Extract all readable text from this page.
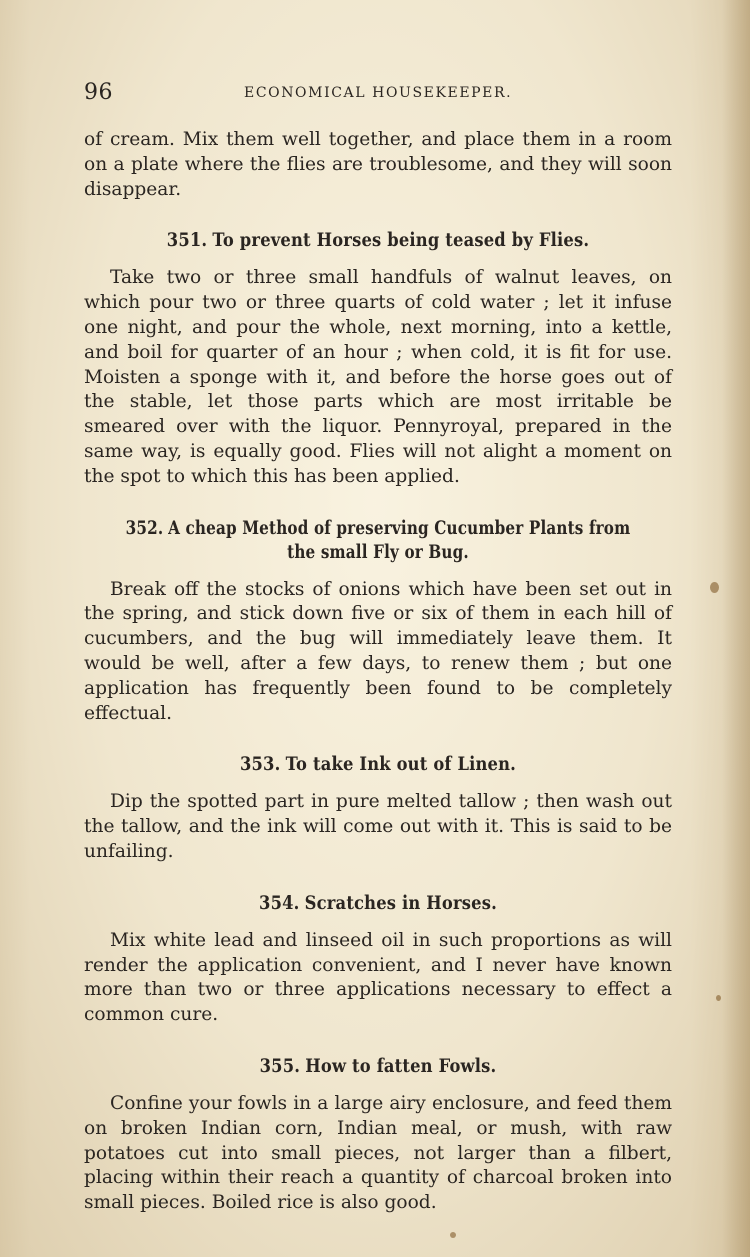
96	ECONOMICAL HOUSEKEEPER.

of cream. Mix them well together, and place them in a room on a plate where the flies are troublesome, and they will soon disappear.

351. To prevent Horses being teased by Flies.

Take two or three small handfuls of walnut leaves, on which pour two or three quarts of cold water ; let it infuse one night, and pour the whole, next morning, into a kettle, and boil for quarter of an hour ; when cold, it is fit for use. Moisten a sponge with it, and before the horse goes out of the stable, let those parts which are most irritable be smeared over with the liquor. Pennyroyal, prepared in the same way, is equally good. Flies will not alight a moment on the spot to which this has been applied.

352. A cheap Method of preserving Cucumber Plants from the small Fly or Bug.

Break off the stocks of onions which have been set out in the spring, and stick down five or six of them in each hill of cucumbers, and the bug will immediately leave them. It would be well, after a few days, to renew them ; but one application has frequently been found to be completely effectual.

353. To take Ink out of Linen.

Dip the spotted part in pure melted tallow ; then wash out the tallow, and the ink will come out with it. This is said to be unfailing.

354. Scratches in Horses.

Mix white lead and linseed oil in such proportions as will render the application convenient, and I never have known more than two or three applications necessary to effect a common cure.

355. How to fatten Fowls.

Confine your fowls in a large airy enclosure, and feed them on broken Indian corn, Indian meal, or mush, with raw potatoes cut into small pieces, not larger than a filbert, placing within their reach a quantity of charcoal broken into small pieces. Boiled rice is also good.
